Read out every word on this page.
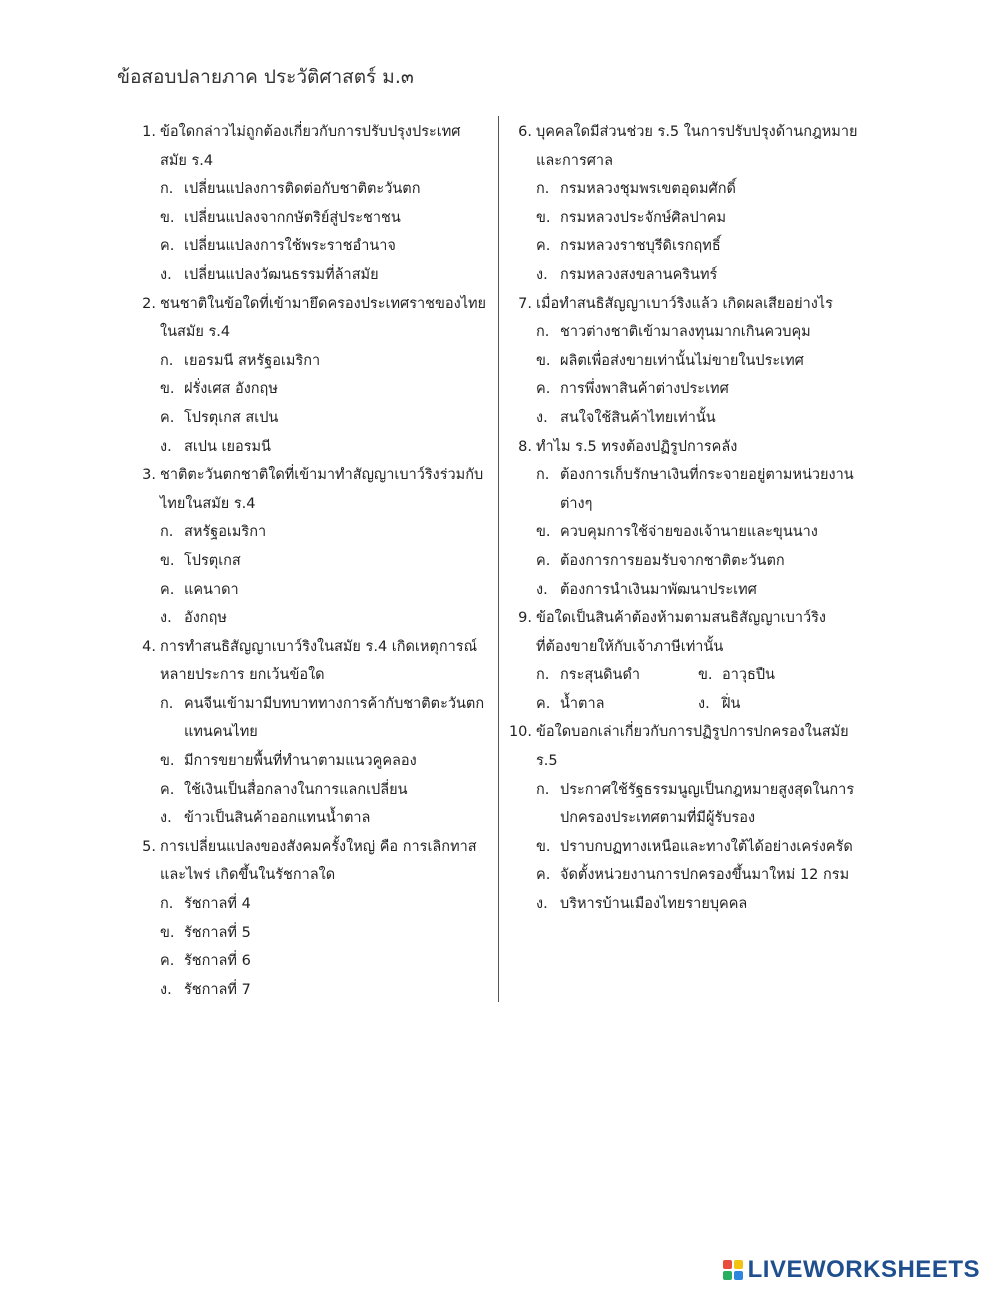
ข้อสอบปลายภาค ประวัติศาสตร์ ม.๓
1. ข้อใดกล่าวไม่ถูกต้องเกี่ยวกับการปรับปรุงประเทศ
สมัย ร.4
ก. เปลี่ยนแปลงการติดต่อกับชาติตะวันตก
ข. เปลี่ยนแปลงจากกษัตริย์สู่ประชาชน
ค. เปลี่ยนแปลงการใช้พระราชอำนาจ
ง. เปลี่ยนแปลงวัฒนธรรมที่ล้าสมัย
2. ชนชาติในข้อใดที่เข้ามายึดครองประเทศราชของไทย
ในสมัย ร.4
ก. เยอรมนี สหรัฐอเมริกา
ข. ฝรั่งเศส อังกฤษ
ค. โปรตุเกส สเปน
ง. สเปน เยอรมนี
3. ชาติตะวันตกชาติใดที่เข้ามาทำสัญญาเบาว์ริงร่วมกับ
ไทยในสมัย ร.4
ก. สหรัฐอเมริกา
ข. โปรตุเกส
ค. แคนาดา
ง. อังกฤษ
4. การทำสนธิสัญญาเบาว์ริงในสมัย ร.4 เกิดเหตุการณ์
หลายประการ ยกเว้นข้อใด
ก. คนจีนเข้ามามีบทบาททางการค้ากับชาติตะวันตก
แทนคนไทย
ข. มีการขยายพื้นที่ทำนาตามแนวคูคลอง
ค. ใช้เงินเป็นสื่อกลางในการแลกเปลี่ยน
ง. ข้าวเป็นสินค้าออกแทนน้ำตาล
5. การเปลี่ยนแปลงของสังคมครั้งใหญ่ คือ การเลิกทาส
และไพร่ เกิดขึ้นในรัชกาลใด
ก. รัชกาลที่ 4
ข. รัชกาลที่ 5
ค. รัชกาลที่ 6
ง. รัชกาลที่ 7
6. บุคคลใดมีส่วนช่วย ร.5 ในการปรับปรุงด้านกฎหมาย
และการศาล
ก. กรมหลวงชุมพรเขตอุดมศักดิ์
ข. กรมหลวงประจักษ์ศิลปาคม
ค. กรมหลวงราชบุรีดิเรกฤทธิ์
ง. กรมหลวงสงขลานครินทร์
7. เมื่อทำสนธิสัญญาเบาว์ริงแล้ว เกิดผลเสียอย่างไร
ก. ชาวต่างชาติเข้ามาลงทุนมากเกินควบคุม
ข. ผลิตเพื่อส่งขายเท่านั้นไม่ขายในประเทศ
ค. การพึ่งพาสินค้าต่างประเทศ
ง. สนใจใช้สินค้าไทยเท่านั้น
8. ทำไม ร.5 ทรงต้องปฏิรูปการคลัง
ก. ต้องการเก็บรักษาเงินที่กระจายอยู่ตามหน่วยงาน
ต่างๆ
ข. ควบคุมการใช้จ่ายของเจ้านายและขุนนาง
ค. ต้องการการยอมรับจากชาติตะวันตก
ง. ต้องการนำเงินมาพัฒนาประเทศ
9. ข้อใดเป็นสินค้าต้องห้ามตามสนธิสัญญาเบาว์ริง
ที่ต้องขายให้กับเจ้าภาษีเท่านั้น
ก. กระสุนดินดำ	ข. อาวุธปืน
ค. น้ำตาล	ง. ฝิ่น
10. ข้อใดบอกเล่าเกี่ยวกับการปฏิรูปการปกครองในสมัย
ร.5
ก. ประกาศใช้รัฐธรรมนูญเป็นกฎหมายสูงสุดในการ
ปกครองประเทศตามที่มีผู้รับรอง
ข. ปราบกบฏทางเหนือและทางใต้ได้อย่างเคร่งครัด
ค. จัดตั้งหน่วยงานการปกครองขึ้นมาใหม่ 12 กรม
ง. บริหารบ้านเมืองไทยรายบุคคล
LIVEWORKSHEETS
